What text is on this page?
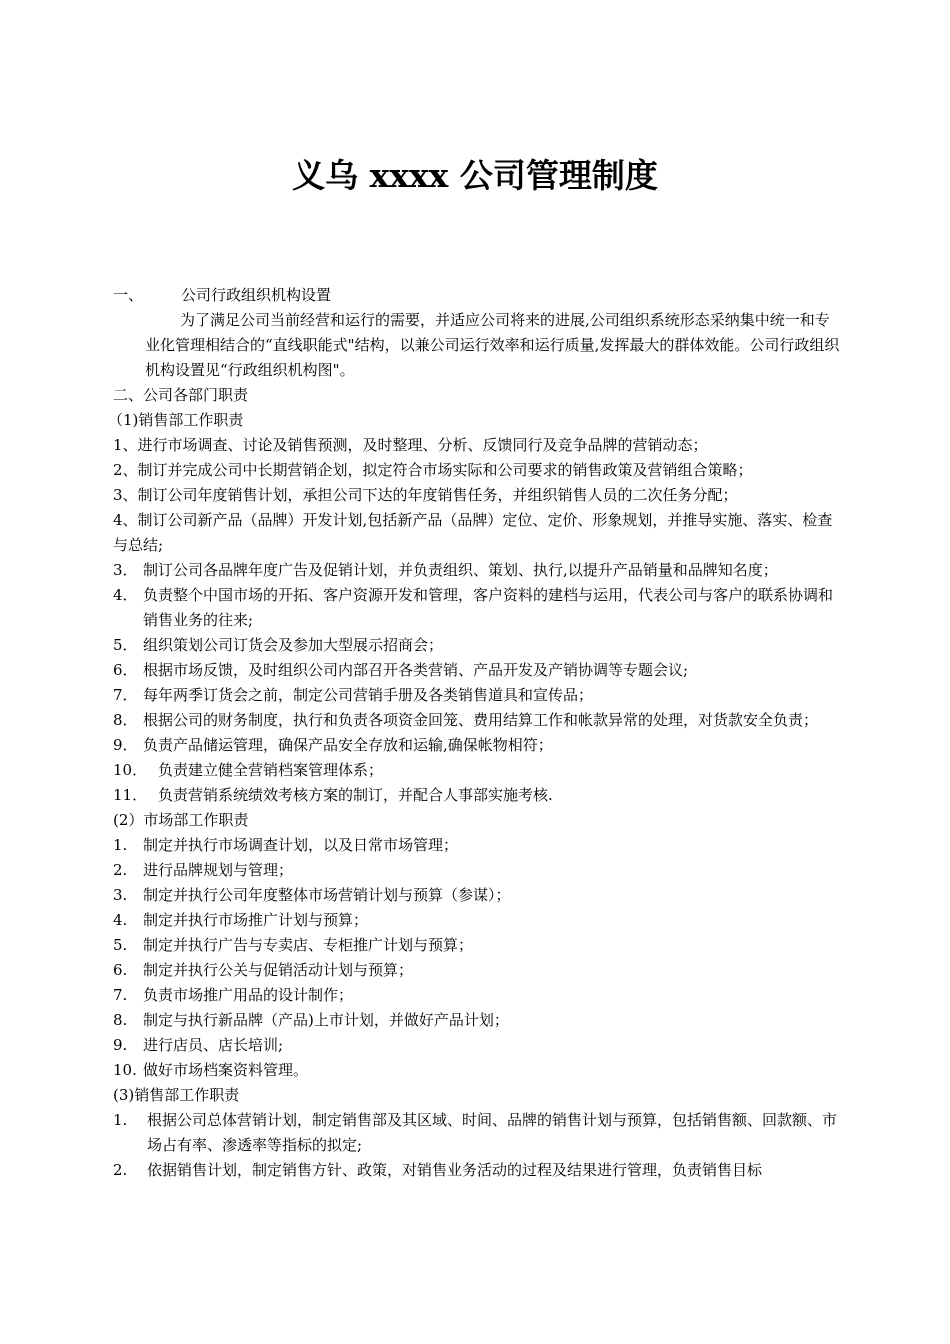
义乌 xxxx 公司管理制度
一、	公司行政组织机构设置
为了满足公司当前经营和运行的需要，并适应公司将来的进展,公司组织系统形态采纳集中统一和专业化管理相结合的“直线职能式"结构，以兼公司运行效率和运行质量,发挥最大的群体效能。公司行政组织机构设置见“行政组织机构图"。
二、公司各部门职责
（1)销售部工作职责
1、进行市场调查、讨论及销售预测，及时整理、分析、反馈同行及竞争品牌的营销动态；
2、制订并完成公司中长期营销企划，拟定符合市场实际和公司要求的销售政策及营销组合策略；
3、制订公司年度销售计划，承担公司下达的年度销售任务，并组织销售人员的二次任务分配；
4、制订公司新产品（品牌）开发计划,包括新产品（品牌）定位、定价、形象规划，并推导实施、落实、检查与总结;
3． 制订公司各品牌年度广告及促销计划，并负责组织、策划、执行,以提升产品销量和品牌知名度；
4． 负责整个中国市场的开拓、客户资源开发和管理，客户资料的建档与运用，代表公司与客户的联系协调和销售业务的往来;
5． 组织策划公司订货会及参加大型展示招商会；
6． 根据市场反馈，及时组织公司内部召开各类营销、产品开发及产销协调等专题会议;
7． 每年两季订货会之前，制定公司营销手册及各类销售道具和宣传品；
8． 根据公司的财务制度，执行和负责各项资金回笼、费用结算工作和帐款异常的处理，对货款安全负责；
9． 负责产品储运管理，确保产品安全存放和运输,确保帐物相符；
10． 负责建立健全营销档案管理体系；
11． 负责营销系统绩效考核方案的制订，并配合人事部实施考核.
(2）市场部工作职责
1.	制定并执行市场调查计划，以及日常市场管理；
2.	进行品牌规划与管理；
3.	制定并执行公司年度整体市场营销计划与预算（参谋）；
4.	制定并执行市场推广计划与预算；
5.	制定并执行广告与专卖店、专柜推广计划与预算；
6.	制定并执行公关与促销活动计划与预算；
7.	负责市场推广用品的设计制作；
8.	制定与执行新品牌（产品)上市计划，并做好产品计划；
9.	进行店员、店长培训;
10. 做好市场档案资料管理。
(3)销售部工作职责
1.	根据公司总体营销计划，制定销售部及其区域、时间、品牌的销售计划与预算，包括销售额、回款额、市场占有率、渗透率等指标的拟定;
2.	依据销售计划，制定销售方针、政策，对销售业务活动的过程及结果进行管理，负责销售目标
